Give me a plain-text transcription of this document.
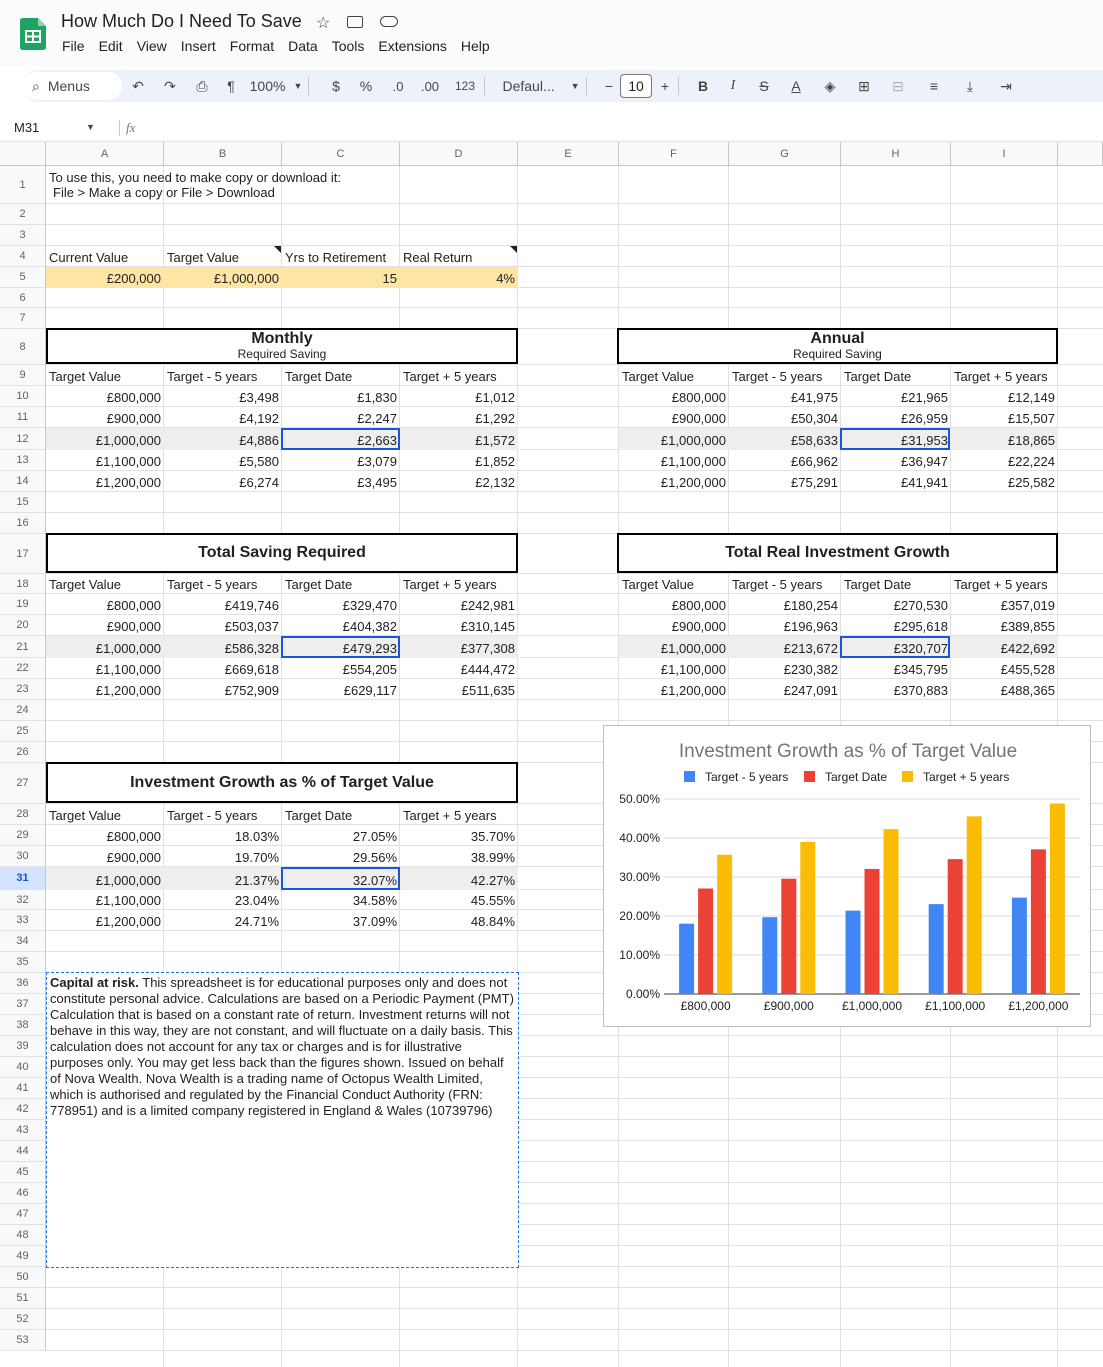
How Much Do I Need To Save ☆
File Edit View Insert Format Data Tools Extensions Help
⌕ Menus	↶	↷	⎙	¶	100% ▼	$	%	.0	.00	123	Defaul... ▼	−	10	+	B	I	S	A	◈	⊞	⊟	≡	⤓	⇥
M31	▼	fx
A	B	C	D	E	F	G	H	I
1
2
3
4
5
6
7
8
9
10
11
12
13
14
15
16
17
18
19
20
21
22
23
24
25
26
27
28
29
30
31
32
33
34
35
36
37
38
39
40
41
42
43
44
45
46
47
48
49
50
51
52
53
To use this, you need to make copy or download it:
File > Make a copy or File > Download
Current Value	Target Value	Yrs to Retirement	Real Return
£200,000	£1,000,000	15	4%
Target Value	Target - 5 years	Target Date	Target + 5 years
£800,000	£3,498	£1,830	£1,012
£900,000	£4,192	£2,247	£1,292
£1,000,000	£4,886	£2,663	£1,572
£1,100,000	£5,580	£3,079	£1,852
£1,200,000	£6,274	£3,495	£2,132
Target Value	Target - 5 years	Target Date	Target + 5 years
£800,000	£41,975	£21,965	£12,149
£900,000	£50,304	£26,959	£15,507
£1,000,000	£58,633	£31,953	£18,865
£1,100,000	£66,962	£36,947	£22,224
£1,200,000	£75,291	£41,941	£25,582
Target Value	Target - 5 years	Target Date	Target + 5 years
£800,000	£419,746	£329,470	£242,981
£900,000	£503,037	£404,382	£310,145
£1,000,000	£586,328	£479,293	£377,308
£1,100,000	£669,618	£554,205	£444,472
£1,200,000	£752,909	£629,117	£511,635
Target Value	Target - 5 years	Target Date	Target + 5 years
£800,000	£180,254	£270,530	£357,019
£900,000	£196,963	£295,618	£389,855
£1,000,000	£213,672	£320,707	£422,692
£1,100,000	£230,382	£345,795	£455,528
£1,200,000	£247,091	£370,883	£488,365
Target Value	Target - 5 years	Target Date	Target + 5 years
£800,000	18.03%	27.05%	35.70%
£900,000	19.70%	29.56%	38.99%
£1,000,000	21.37%	32.07%	42.27%
£1,100,000	23.04%	34.58%	45.55%
£1,200,000	24.71%	37.09%	48.84%
Monthly
Required Saving
Annual
Required Saving
Total Saving Required	Total Real Investment Growth
Investment Growth as % of Target Value
Capital at risk. This spreadsheet is for educational purposes only and does not constitute personal advice. Calculations are based on a Periodic Payment (PMT) Calculation that is based on a constant rate of return. Investment returns will not behave in this way, they are not constant, and will fluctuate on a daily basis. This calculation does not account for any tax or charges and is for illustrative purposes only. You may get less back than the figures shown. Issued on behalf of Nova Wealth. Nova Wealth is a trading name of Octopus Wealth Limited, which is authorised and regulated by the Financial Conduct Authority (FRN: 778951) and is a limited company registered in England & Wales (10739796)
Investment Growth as % of Target Value
Target - 5 years	Target Date	Target + 5 years
0.00%
10.00%
20.00%
30.00%
40.00%
50.00%
£800,000	£900,000 £1,000,000 £1,100,000 £1,200,000
